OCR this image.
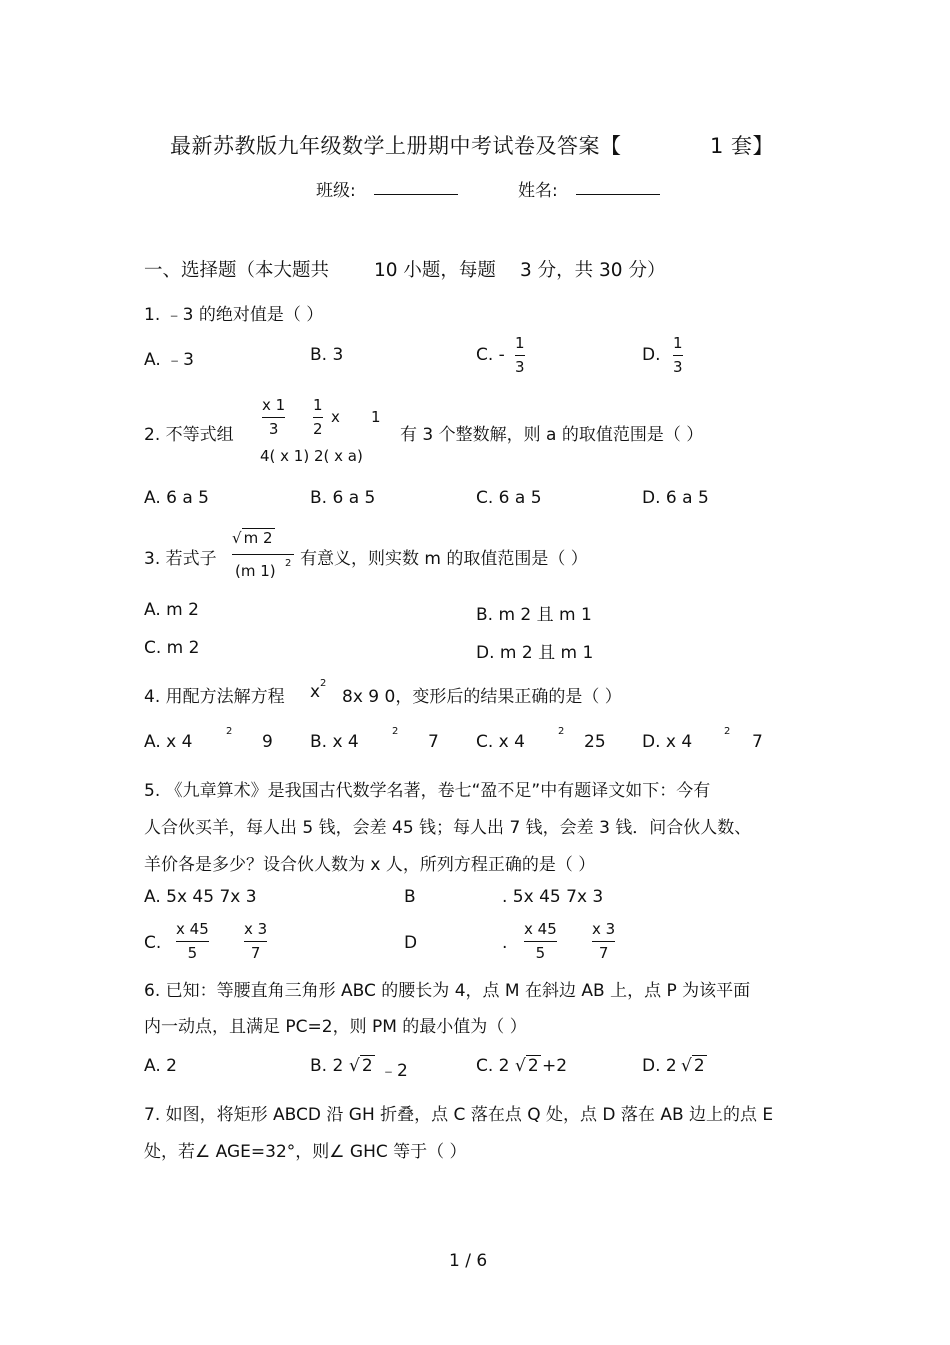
最新苏教版九年级数学上册期中考试卷及答案【	1 套】
班级:	姓名:
一、选择题（本大题共 10 小题，每题 3 分，共 30 分）
1. ﹣3 的绝对值是（ ）
A. ﹣3	B. 3	C. -
1
3
D.
1
3
2. 不等式组
x 1
3
1
2
x 1
4( x 1) 2( x a)
有 3 个整数解，则 a 的取值范围是（ ）
A. 6 a 5	B. 6 a 5	C. 6 a 5	D. 6 a 5
3. 若式子
√ m 2
(m 1) 2 有意义，则实数 m 的取值范围是（ ）
A. m 2	B. m 2 且 m 1
C. m 2	D. m 2 且 m 1
4. 用配方法解方程 x 2
8x 9 0，变形后的结果正确的是（ ）
A. x 4
2
9 B. x 4
2
7 C. x 4
2
25 D. x 4
2
7
5. 《九章算术》是我国古代数学名著，卷七“盈不足”中有题译文如下：今有
人合伙买羊，每人出 5 钱，会差 45 钱；每人出 7 钱，会差 3 钱．问合伙人数、
羊价各是多少？设合伙人数为 x 人，所列方程正确的是（ ）
A. 5x 45 7x 3	B	. 5x 45 7x 3
C.
x 45
5
x 3
7	D	.
x 45
5
x 3
7
6. 已知：等腰直角三角形 ABC 的腰长为 4，点 M 在斜边 AB 上，点 P 为该平面
内一动点，且满足 PC=2，则 PM 的最小值为（ ）
A. 2	B. 2 √ 2 ﹣2	C. 2 √ 2 +2	D. 2 √ 2
7. 如图，将矩形 ABCD 沿 GH 折叠，点 C 落在点 Q 处，点 D 落在 AB 边上的点 E
处，若∠ AGE=32°，则∠ GHC 等于（ ）
1 / 6
